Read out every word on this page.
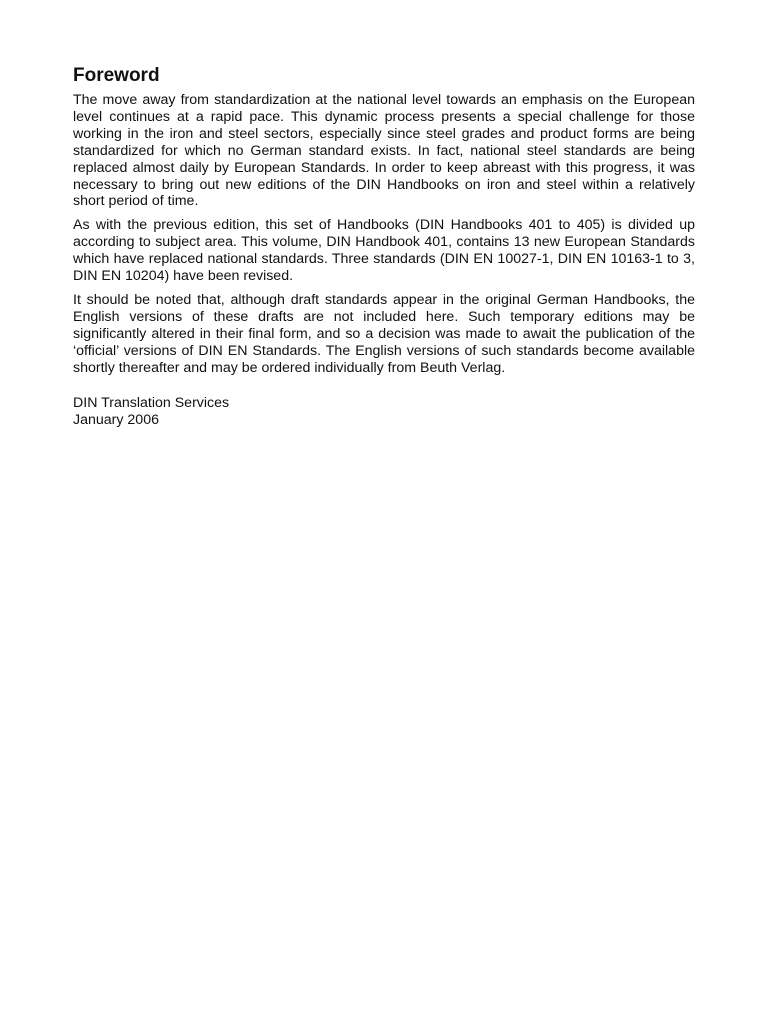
Foreword

The move away from standardization at the national level towards an emphasis on the European level continues at a rapid pace. This dynamic process presents a special challenge for those working in the iron and steel sectors, especially since steel grades and product forms are being standardized for which no German standard exists. In fact, national steel standards are being replaced almost daily by European Standards. In order to keep abreast with this progress, it was necessary to bring out new editions of the DIN Handbooks on iron and steel within a relatively short period of time.

As with the previous edition, this set of Handbooks (DIN Handbooks 401 to 405) is divided up according to subject area. This volume, DIN Handbook 401, contains 13 new European Standards which have replaced national standards. Three standards (DIN EN 10027-1, DIN EN 10163-1 to 3, DIN EN 10204) have been revised.

It should be noted that, although draft standards appear in the original German Handbooks, the English versions of these drafts are not included here. Such temporary editions may be significantly altered in their final form, and so a decision was made to await the publication of the ‘official’ versions of DIN EN Standards. The English versions of such standards become available shortly thereafter and may be ordered individually from Beuth Verlag.

DIN Translation Services
January 2006
